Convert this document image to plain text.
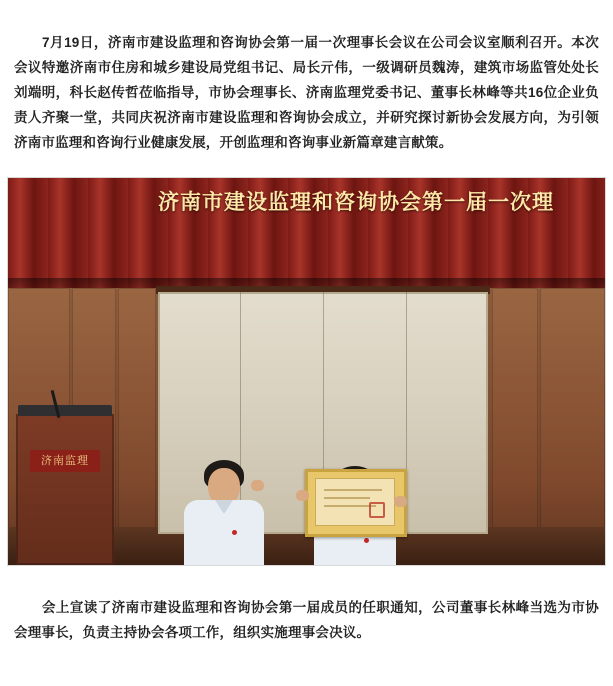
7月19日，济南市建设监理和咨询协会第一届一次理事长会议在公司会议室顺利召开。本次会议特邀济南市住房和城乡建设局党组书记、局长亓伟，一级调研员魏涛，建筑市场监管处处长刘端明，科长赵传哲莅临指导，市协会理事长、济南监理党委书记、董事长林峰等共16位企业负责人齐聚一堂，共同庆祝济南市建设监理和咨询协会成立，并研究探讨新协会发展方向，为引领济南市监理和咨询行业健康发展，开创监理和咨询事业新篇章建言献策。

济南市建设监理和咨询协会第一届一次理
济南监理

会上宣读了济南市建设监理和咨询协会第一届成员的任职通知，公司董事长林峰当选为市协会理事长，负责主持协会各项工作，组织实施理事会决议。
